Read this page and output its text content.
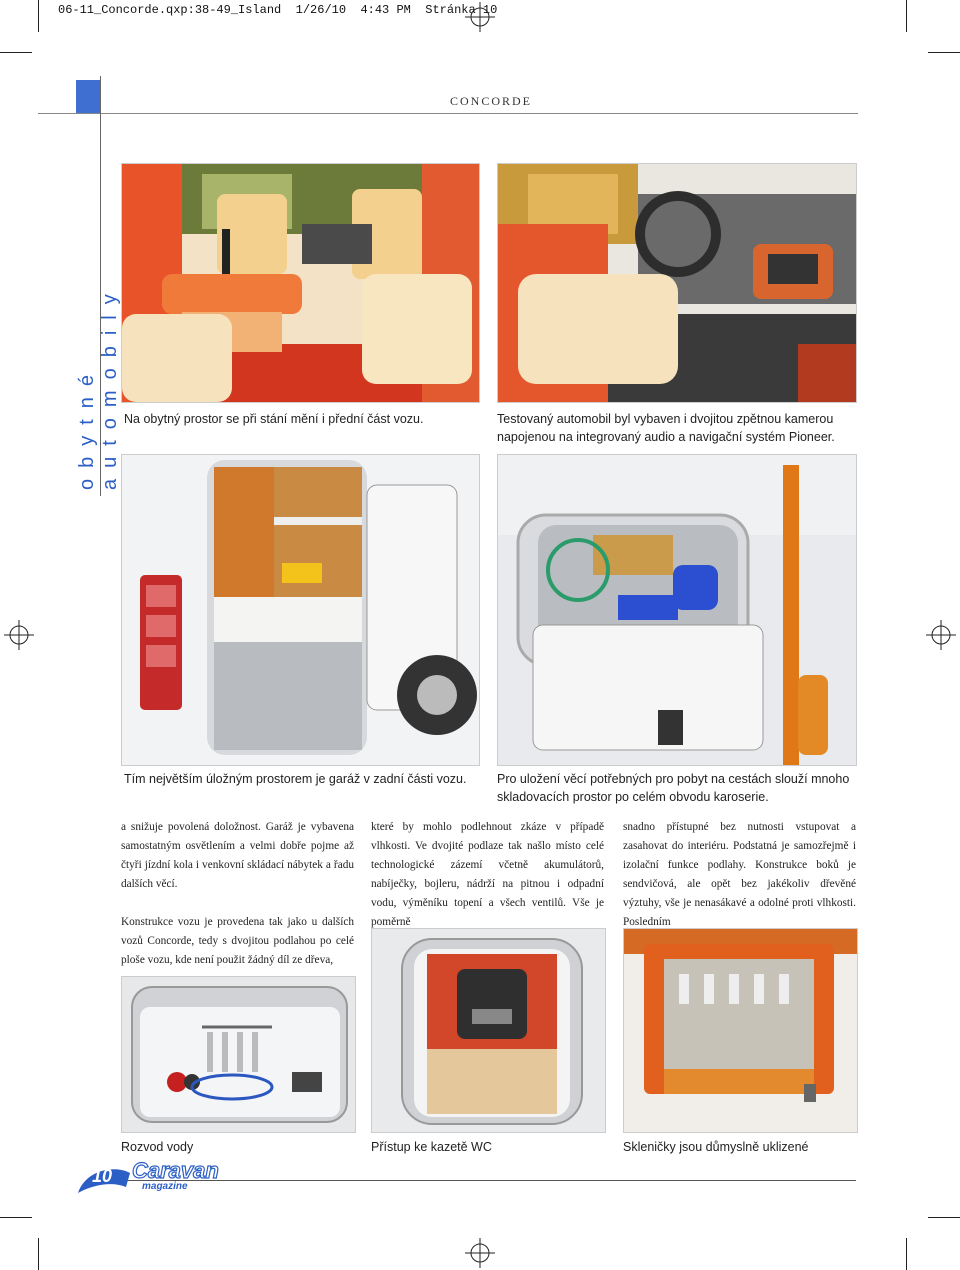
06-11_Concorde.qxp:38-49_Island  1/26/10  4:43 PM  Stránka 10
CONCORDE
obytné automobily Na obytný prostor se při stání mění i přední část vozu.	Testovaný automobil byl vybaven i dvojitou zpětnou kamerou napojenou na integrovaný audio a navigační systém Pioneer.
Tím největším úložným prostorem je garáž v zadní části vozu.	Pro uložení věcí potřebných pro pobyt na cestách slouží mnoho skladovacích prostor po celém obvodu karoserie.

a snižuje povolená doložnost. Garáž je vybavena samostatným osvětlením a velmi dobře pojme až čtyři jízdní kola i venkovní skládací nábytek a řadu dalších věcí.

Konstrukce vozu je provedena tak jako u dalších vozů Concorde, tedy s dvojitou podlahou po celé ploše vozu, kde není použit žádný díl ze dřeva,

které by mohlo podlehnout zkáze v případě vlhkosti. Ve dvojité podlaze tak našlo místo celé technologické zázemí včetně akumulátorů, nabíječky, bojleru, nádrží na pitnou i odpadní vodu, výměníku topení a všech ventilů. Vše je poměrně

snadno přístupné bez nutnosti vstupovat a zasahovat do interiéru. Podstatná je samozřejmě i izolační funkce podlahy. Konstrukce boků je sendvičová, ale opět bez jakékoliv dřevěné výztuhy, vše je nenasákavé a odolné proti vlhkosti. Posledním

Rozvod vody	Přístup ke kazetě WC	Skleničky jsou důmyslně uklizené
10 Caravan
magazine
